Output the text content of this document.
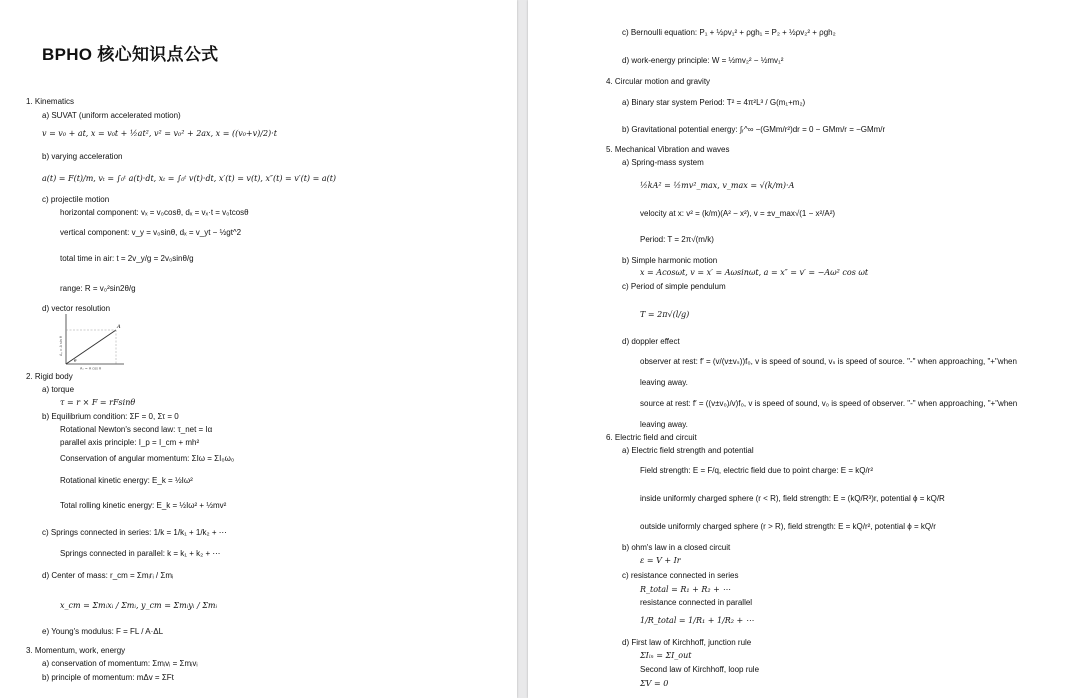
BPHO 核心知识点公式
1. Kinematics
a) SUVAT (uniform accelerated motion)
v = v₀ + at, x = v₀t + ½at², v² = v₀² + 2ax, x = ((v₀+v)/2)·t
b) varying acceleration
a(t) = F(t)/m, vₜ = ∫₀ᵗ a(t)·dt, xₜ = ∫₀ᵗ v(t)·dt, x′(t) = v(t), x″(t) = v′(t) = a(t)
c) projectile motion
horizontal component: vₓ = v₀cosθ, dₓ = vₓ·t = v₀tcosθ
vertical component: v_y = v₀sinθ, dₓ = v_yt − ½gt^2
total time in air: t = 2v_y/g = 2v₀sinθ/g
range: R = v₀²sin2θ/g
d) vector resolution
2. Rigid body
a) torque
τ = r × F = rFsinθ
b) Equilibrium condition: ΣF = 0, Στ = 0
Rotational Newton's second law: τ_net = Iα
parallel axis principle: I_p = I_cm + mh²
Conservation of angular momentum: ΣIω = ΣI₀ω₀
Rotational kinetic energy: E_k = ½Iω²
Total rolling kinetic energy: E_k = ½Iω² + ½mv²
c) Springs connected in series: 1/k = 1/k₁ + 1/k₂ + ⋯
Springs connected in parallel: k = k₁ + k₂ + ⋯
d) Center of mass: r_cm = Σmᵢrᵢ / Σmᵢ
x_cm = Σmᵢxᵢ / Σmᵢ, y_cm = Σmᵢyᵢ / Σmᵢ
e) Young's modulus: F = FL / A·ΔL
3. Momentum, work, energy
a) conservation of momentum: Σmᵢvᵢ = Σmᵢvᵢ
b) principle of momentum: mΔv = ΣFt
A
θ
Aₓ = A cos θ
Aᵧ = A sin θ
c) Bernoulli equation: P₁ + ½ρv₁² + ρgh₁ = P₂ + ½ρv₂² + ρgh₂
d) work-energy principle: W = ½mv₂² − ½mv₁²
4. Circular motion and gravity
a) Binary star system Period: T² = 4π²L³ / G(m₁+m₂)
b) Gravitational potential energy: ∫ᵣ^∞ −(GMm/r²)dr = 0 − GMm/r = −GMm/r
5. Mechanical Vibration and waves
a) Spring-mass system
½kA² = ½mv²_max, v_max = √(k/m)·A
velocity at x: v² = (k/m)(A² − x²), v = ±v_max√(1 − x²/A²)
Period: T = 2π√(m/k)
b) Simple harmonic motion
x = Acosωt, v = x′ = Aωsinωt, a = x″ = v′ = −Aω² cos ωt
c) Period of simple pendulum
T = 2π√(l/g)
d) doppler effect
observer at rest: f′ = (v/(v±vₛ))f₀, v is speed of sound, vₛ is speed of source. "-" when approaching, "+"when
leaving away.
source at rest: f′ = ((v±v₀)/v)f₀, v is speed of sound, v₀ is speed of observer. "-" when approaching, "+"when
leaving away.
6. Electric field and circuit
a) Electric field strength and potential
Field strength: E = F/q, electric field due to point charge: E = kQ/r²
inside uniformly charged sphere (r < R), field strength: E = (kQ/R³)r, potential ϕ = kQ/R
outside uniformly charged sphere (r > R), field strength: E = kQ/r², potential ϕ = kQ/r
b) ohm's law in a closed circuit
ε = V + Ir
c) resistance connected in series
R_total = R₁ + R₂ + ⋯
resistance connected in parallel
1/R_total = 1/R₁ + 1/R₂ + ⋯
d) First law of Kirchhoff, junction rule
ΣIᵢₙ = ΣI_out
Second law of Kirchhoff, loop rule
ΣV = 0
